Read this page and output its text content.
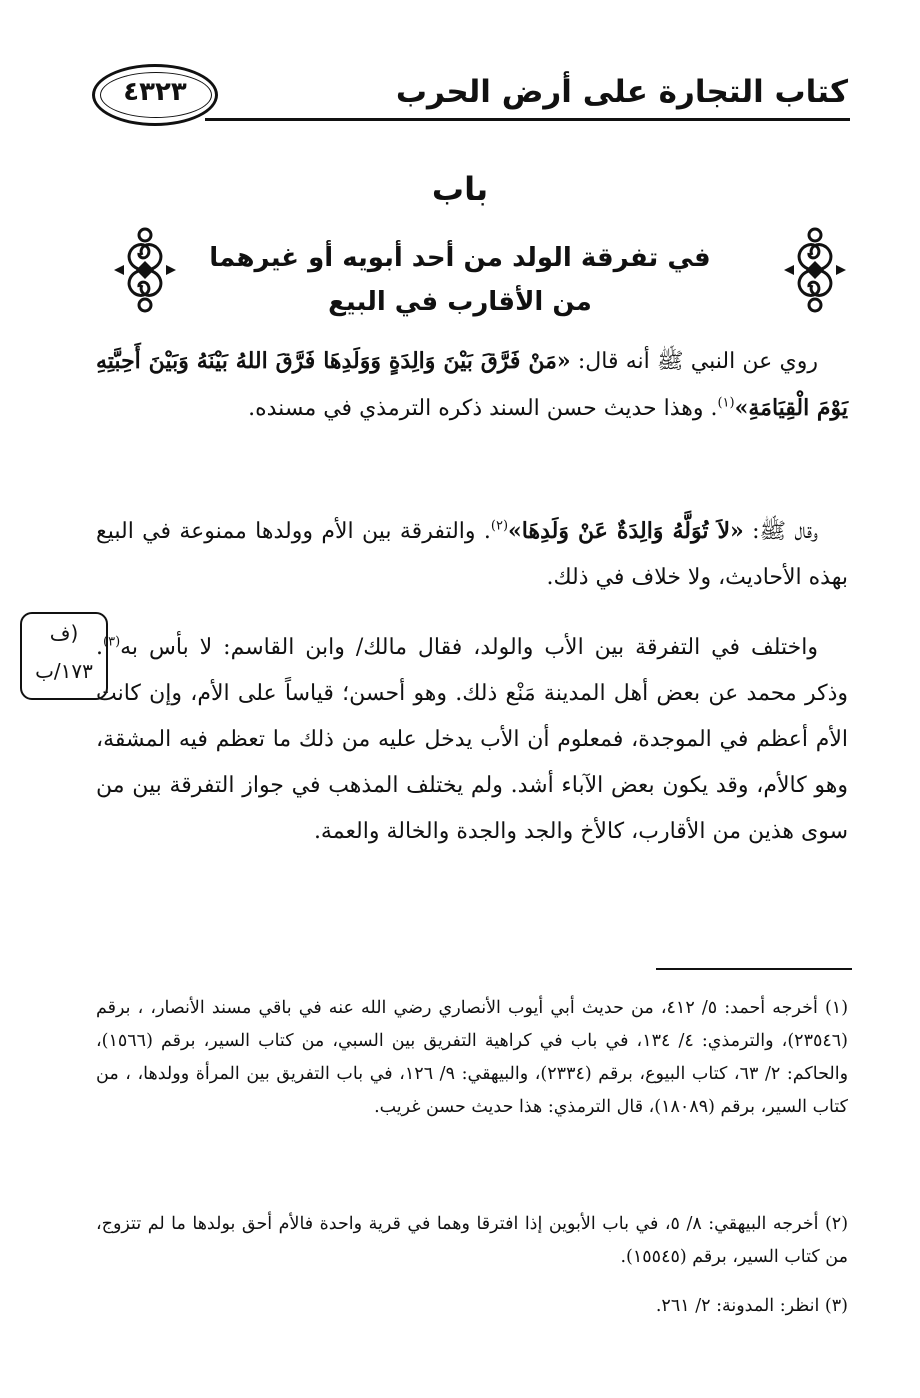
كتاب التجارة على أرض الحرب
٤٣٢٣
باب
في تفرقة الولد من أحد أبويه أو غيرهما
من الأقارب في البيع

روي عن النبي ﷺ أنه قال: «مَنْ فَرَّقَ بَيْنَ وَالِدَةٍ وَوَلَدِهَا فَرَّقَ اللهُ بَيْنَهُ وَبَيْنَ أَحِبَّتِهِ يَوْمَ الْقِيَامَةِ»$^{(١)}$. وهذا حديث حسن السند ذكره الترمذي في مسنده.

وقال ﷺ: «لاَ تُوَلَّهُ وَالِدَةٌ عَنْ وَلَدِهَا»$^{(٢)}$. والتفرقة بين الأم وولدها ممنوعة في البيع بهذه الأحاديث، ولا خلاف في ذلك.

واختلف في التفرقة بين الأب والولد، فقال مالك/ وابن القاسم: لا بأس به$^{(٣)}$. وذكر محمد عن بعض أهل المدينة مَنْع ذلك. وهو أحسن؛ قياساً على الأم، وإن كانت الأم أعظم في الموجدة، فمعلوم أن الأب يدخل عليه من ذلك ما تعظم فيه المشقة، وهو كالأم، وقد يكون بعض الآباء أشد. ولم يختلف المذهب في جواز التفرقة بين من سوى هذين من الأقارب، كالأخ والجد والجدة والخالة والعمة.

(ف
١٧٣/ب

(١) أخرجه أحمد: ٥/ ٤١٢، من حديث أبي أيوب الأنصاري رضي الله عنه في باقي مسند الأنصار، ، برقم (٢٣٥٤٦)، والترمذي: ٤/ ١٣٤، في باب في كراهية التفريق بين السبي، من كتاب السير، برقم (١٥٦٦)، والحاكم: ٢/ ٦٣، كتاب البيوع، برقم (٢٣٣٤)، والبيهقي: ٩/ ١٢٦، في باب التفريق بين المرأة وولدها، ، من كتاب السير، برقم (١٨٠٨٩)، قال الترمذي: هذا حديث حسن غريب.

(٢) أخرجه البيهقي: ٨/ ٥، في باب الأبوين إذا افترقا وهما في قرية واحدة فالأم أحق بولدها ما لم تتزوج، من كتاب السير، برقم (١٥٥٤٥).

(٣) انظر: المدونة: ٢/ ٢٦١.
